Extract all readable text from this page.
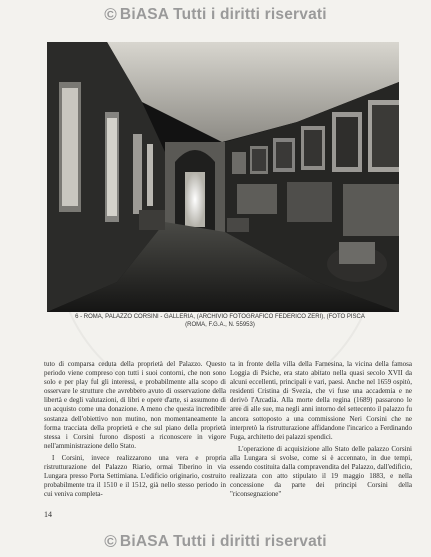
© BiASA Tutti i diritti riservati
6 - ROMA, PALAZZO CORSINI - GALLERIA, (ARCHIVIO FOTOGRAFICO FEDERICO ZERI), (FOTO PISCA
(ROMA, F.G.A., N. 55953)

tuto di comparsa ceduta della proprietà del Palazzo. Questo periodo viene compreso con tutti i suoi contorni, che non sono solo e per play ful gli interessi, e probabilmente alla scopo di osservare le strutture che avrebbero avuto di osservazione della libertà e degli valutazioni, di libri e opere d'arte, si assumono di un acquisto come una donazione. A meno che questa incredibile sostanza dell'obiettivo non mutino, non momentaneamente la forma tracciata della proprietà e che sul piano della proprietà stessa i Corsini furono disposti a riconoscere in vigore nell'amministrazione dello Stato.

I Corsini, invece realizzarono una vera e propria ristrutturazione del Palazzo Riario, ormai Tiberino in via Lungara presso Porta Settimiana. L'edificio originario, costruito probabilmente tra il 1510 e il 1512, già nello stesso periodo in cui veniva completa-

ta in fronte della villa della Farnesina, la vicina della famosa Loggia di Psiche, era stato abitato nella quasi secolo XVII da alcuni eccellenti, principali e vari, paesi. Anche nel 1659 ospitò, residenti Cristina di Svezia, che vi fuse una accademia e ne derivò l'Arcadia. Alla morte della regina (1689) passarono le aree di alle sue, ma negli anni intorno del settecento il palazzo fu ancora sottoposto a una commissione Neri Corsini che ne interpretò la ristrutturazione affidandone l'incarico a Ferdinando Fuga, architetto dei palazzi spendici.

L'operazione di acquisizione allo Stato delle palazzo Corsini alla Lungara si svolse, come si è accennato, in due tempi, essendo costituita dalla compravendita del Palazzo, dall'edificio, realizzata con atto stipulato il 19 maggio 1883, e nella concessione da parte dei principi Corsini della "riconsegnazione"

14
© BiASA Tutti i diritti riservati
